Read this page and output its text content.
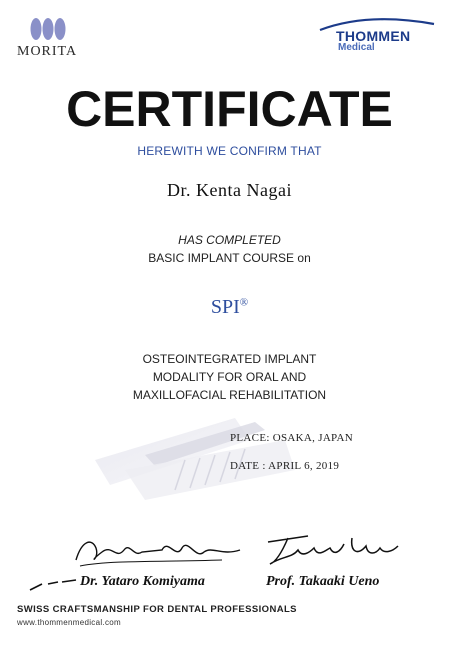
MORITA
THOMMEN
Medical
CERTIFICATE
HEREWITH WE CONFIRM THAT
Dr. Kenta Nagai
HAS COMPLETED
BASIC IMPLANT COURSE on
SPI®
OSTEOINTEGRATED IMPLANT
MODALITY FOR ORAL AND
MAXILLOFACIAL REHABILITATION
PLACE: OSAKA, JAPAN
DATE : APRIL 6, 2019
Dr. Yataro Komiyama	Prof. Takaaki Ueno
SWISS CRAFTSMANSHIP FOR DENTAL PROFESSIONALS
www.thommenmedical.com
